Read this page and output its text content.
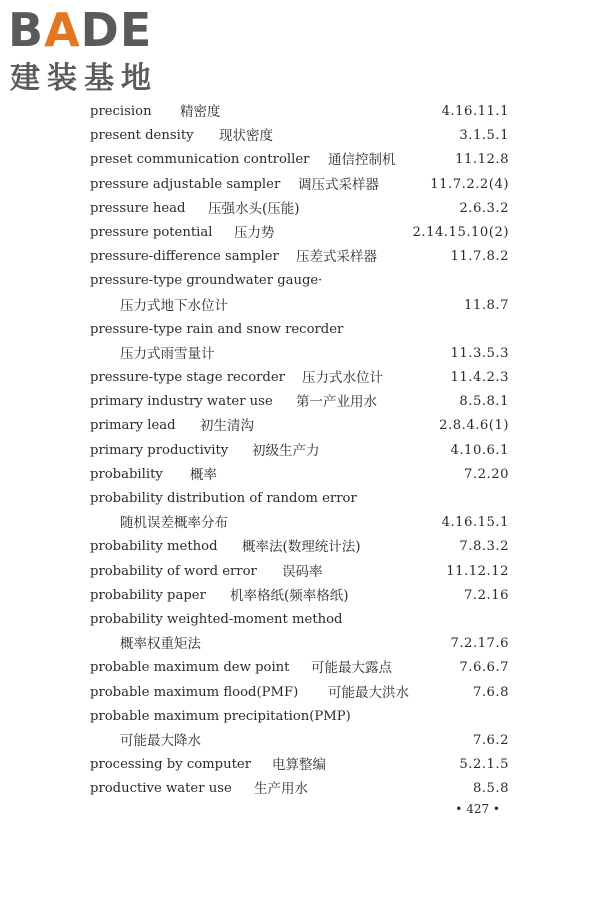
BADE
建装基地
precision 精密度	4.16.11.1
present density 现状密度	3.1.5.1
preset communication controller 通信控制机	11.12.8
pressure adjustable sampler 调压式采样器	11.7.2.2(4)
pressure head 压强水头(压能)	2.6.3.2
pressure potential 压力势	2.14.15.10(2)
pressure-difference sampler 压差式采样器	11.7.8.2
pressure-type groundwater gauge ·
压力式地下水位计	11.8.7
pressure-type rain and snow recorder
压力式雨雪量计	11.3.5.3
pressure-type stage recorder 压力式水位计	11.4.2.3
primary industry water use 第一产业用水	8.5.8.1
primary lead 初生清沟	2.8.4.6(1)
primary productivity 初级生产力	4.10.6.1
probability 概率	7.2.20
probability distribution of random error
随机误差概率分布	4.16.15.1
probability method 概率法(数理统计法)	7.8.3.2
probability of word error 误码率	11.12.12
probability paper 机率格纸(频率格纸)	7.2.16
probability weighted-moment method
概率权重矩法	7.2.17.6
probable maximum dew point 可能最大露点	7.6.6.7
probable maximum flood(PMF) 可能最大洪水	7.6.8
probable maximum precipitation(PMP)
可能最大降水	7.6.2
processing by computer 电算整编	5.2.1.5
productive water use 生产用水	8.5.8
• 427 •
